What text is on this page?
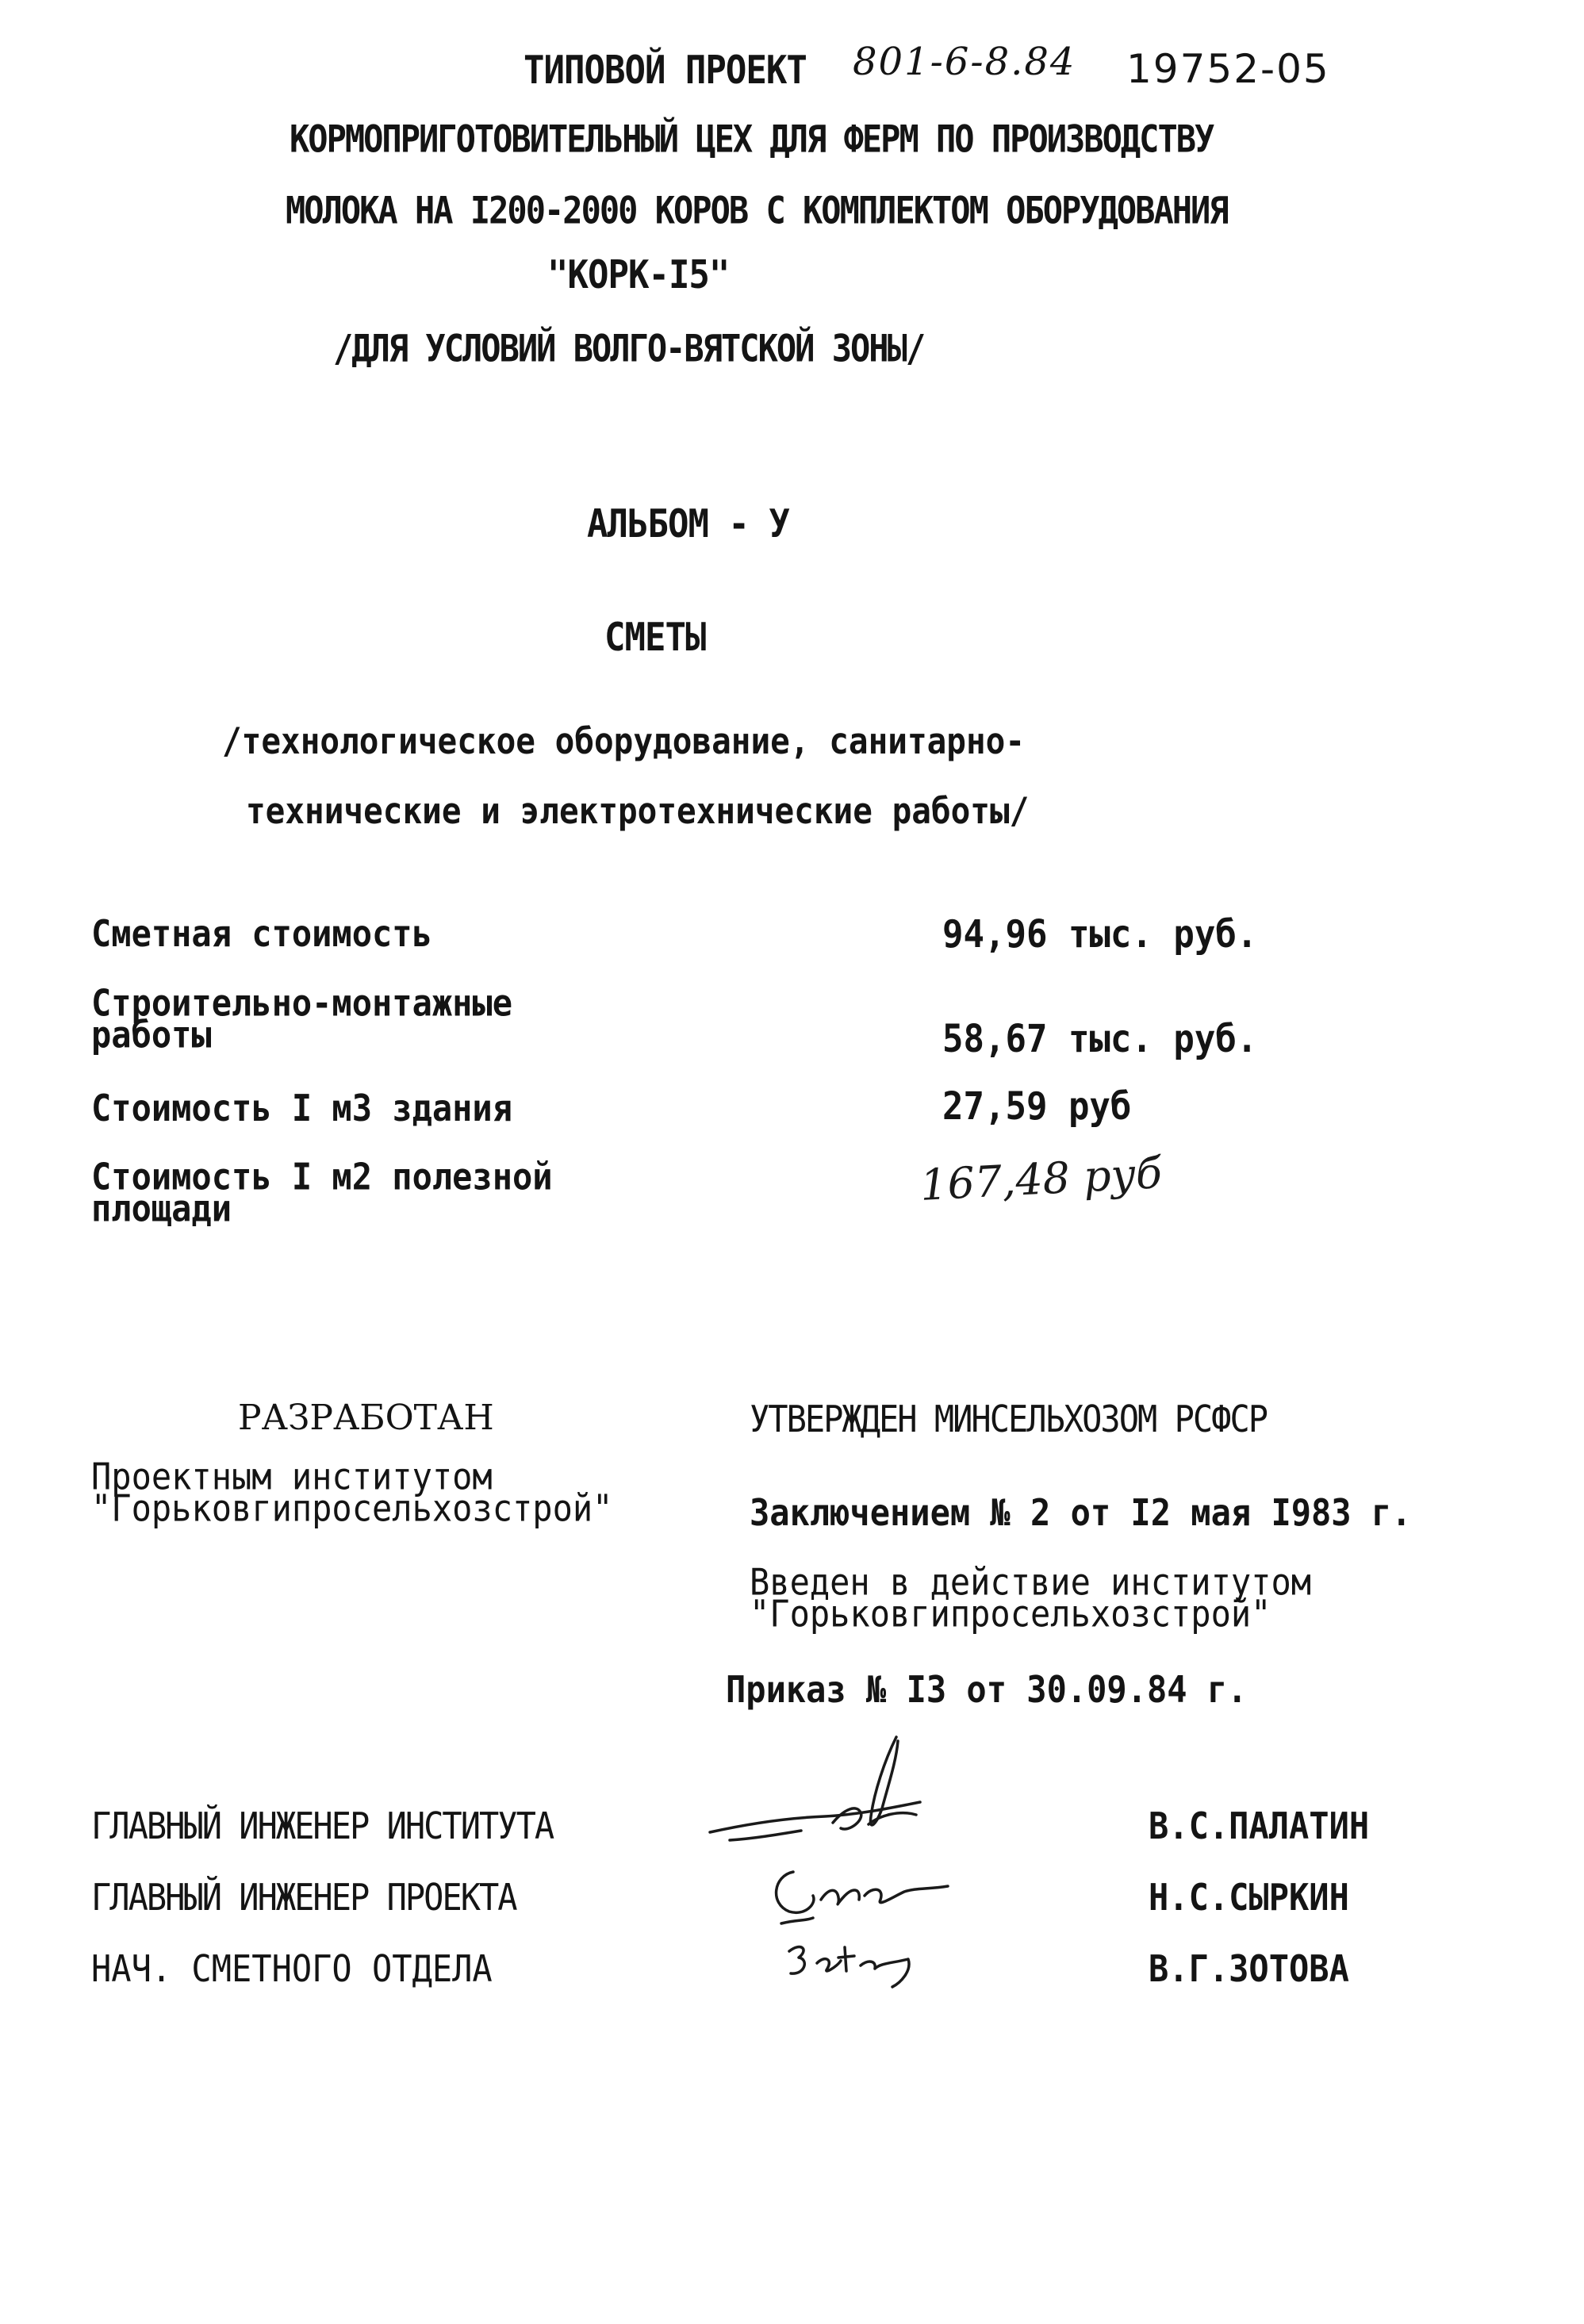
ТИПОВОЙ ПРОЕКТ 801-6-8.84 19752-05
КОРМОПРИГОТОВИТЕЛЬНЫЙ ЦЕХ ДЛЯ ФЕРМ ПО ПРОИЗВОДСТВУ
МОЛОКА НА I200-2000 КОРОВ С КОМПЛЕКТОМ ОБОРУДОВАНИЯ
"КОРК-I5"
/ДЛЯ УСЛОВИЙ ВОЛГО-ВЯТСКОЙ ЗОНЫ/
АЛЬБОМ - У
СМЕТЫ
/технологическое оборудование, санитарно-
технические и электротехнические работы/
Сметная стоимость	94,96 тыс. руб.
Строительно-монтажные
работы	58,67 тыс. руб.
Стоимость I м3 здания	27,59 руб
Стоимость I м2 полезной
площади	167,48 руб
РАЗРАБОТАН
Проектным институтом
"Горьковгипросельхозстрой"
УТВЕРЖДЕН МИНСЕЛЬХОЗОМ РСФСР
Заключением № 2 от I2 мая I983 г.
Введен в действие институтом
"Горьковгипросельхозстрой"
Приказ № I3 от 30.09.84 г.
ГЛАВНЫЙ ИНЖЕНЕР ИНСТИТУТА	В.С.ПАЛАТИН
ГЛАВНЫЙ ИНЖЕНЕР ПРОЕКТА	Н.С.СЫРКИН
НАЧ. СМЕТНОГО ОТДЕЛА	В.Г.ЗОТОВА
